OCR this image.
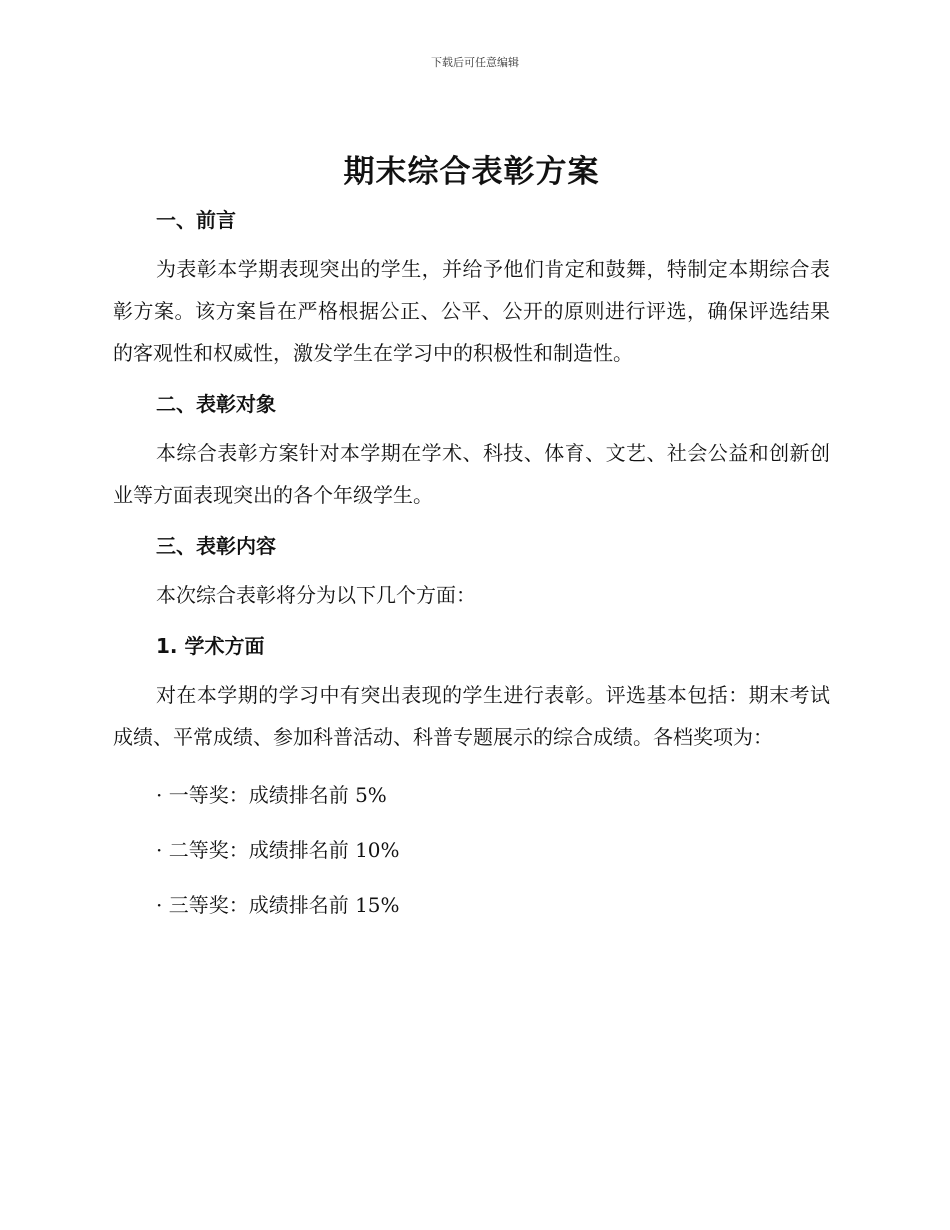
下载后可任意编辑
期末综合表彰方案
一、前言

为表彰本学期表现突出的学生，并给予他们肯定和鼓舞，特制定本期综合表彰方案。该方案旨在严格根据公正、公平、公开的原则进行评选，确保评选结果的客观性和权威性，激发学生在学习中的积极性和制造性。

二、表彰对象

本综合表彰方案针对本学期在学术、科技、体育、文艺、社会公益和创新创业等方面表现突出的各个年级学生。

三、表彰内容

本次综合表彰将分为以下几个方面：

1. 学术方面

对在本学期的学习中有突出表现的学生进行表彰。评选基本包括：期末考试成绩、平常成绩、参加科普活动、科普专题展示的综合成绩。各档奖项为：

· 一等奖：成绩排名前 5%
· 二等奖：成绩排名前 10%
· 三等奖：成绩排名前 15%
